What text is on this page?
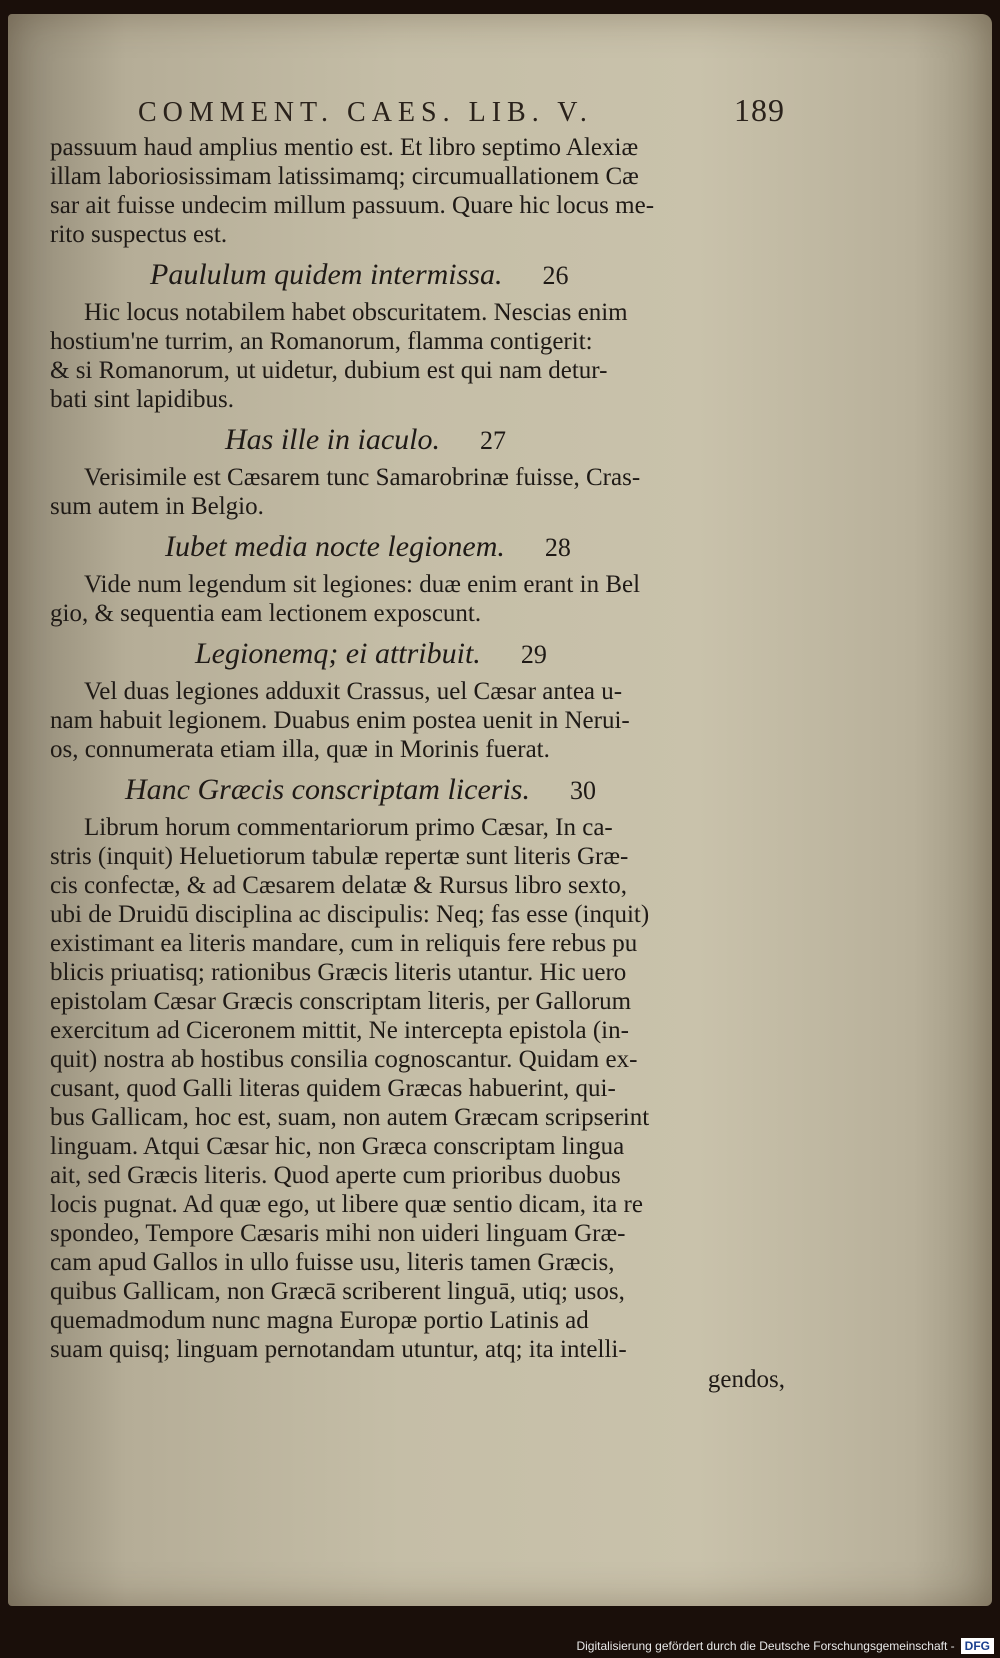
COMMENT. CAES. LIB. V.	189
passuum haud amplius mentio est. Et libro septimo Alexiæ
illam laboriosissimam latissimamq; circumuallationem Cæ
sar ait fuisse undecim millum passuum. Quare hic locus me-
rito suspectus est.
Paululum quidem intermissa. 26
Hic locus notabilem habet obscuritatem. Nescias enim
hostium'ne turrim, an Romanorum, flamma contigerit:
& si Romanorum, ut uidetur, dubium est qui nam detur-
bati sint lapidibus.
Has ille in iaculo. 27
Verisimile est Cæsarem tunc Samarobrinæ fuisse, Cras-
sum autem in Belgio.
Iubet media nocte legionem. 28
Vide num legendum sit legiones: duæ enim erant in Bel
gio, & sequentia eam lectionem exposcunt.
Legionemq; ei attribuit. 29
Vel duas legiones adduxit Crassus, uel Cæsar antea u-
nam habuit legionem. Duabus enim postea uenit in Nerui-
os, connumerata etiam illa, quæ in Morinis fuerat.
Hanc Græcis conscriptam liceris. 30
Librum horum commentariorum primo Cæsar, In ca-
stris (inquit) Heluetiorum tabulæ repertæ sunt literis Græ-
cis confectæ, & ad Cæsarem delatæ & Rursus libro sexto,
ubi de Druidū disciplina ac discipulis: Neq; fas esse (inquit)
existimant ea literis mandare, cum in reliquis fere rebus pu
blicis priuatisq; rationibus Græcis literis utantur. Hic uero
epistolam Cæsar Græcis conscriptam literis, per Gallorum
exercitum ad Ciceronem mittit, Ne intercepta epistola (in-
quit) nostra ab hostibus consilia cognoscantur. Quidam ex-
cusant, quod Galli literas quidem Græcas habuerint, qui-
bus Gallicam, hoc est, suam, non autem Græcam scripserint
linguam. Atqui Cæsar hic, non Græca conscriptam lingua
ait, sed Græcis literis. Quod aperte cum prioribus duobus
locis pugnat. Ad quæ ego, ut libere quæ sentio dicam, ita re
spondeo, Tempore Cæsaris mihi non uideri linguam Græ-
cam apud Gallos in ullo fuisse usu, literis tamen Græcis,
quibus Gallicam, non Græcā scriberent linguā, utiq; usos,
quemadmodum nunc magna Europæ portio Latinis ad
suam quisq; linguam pernotandam utuntur, atq; ita intelli-
gendos,
Digitalisierung gefördert durch die Deutsche Forschungsgemeinschaft - DFG
